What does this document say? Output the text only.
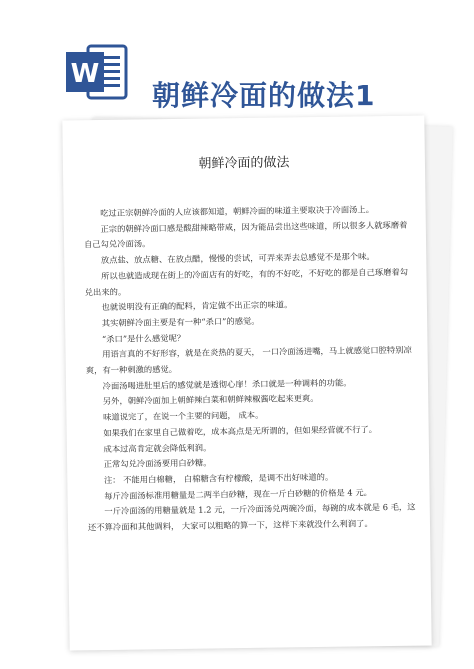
W
朝鲜冷面的做法1
朝鲜冷面的做法

吃过正宗朝鲜冷面的人应该都知道，朝鲜冷面的味道主要取决于冷面汤上。

正宗的朝鲜冷面口感是酸甜辣略带咸，因为能品尝出这些味道，所以很多人就琢磨着自己勾兑冷面汤。

放点盐、放点糖、在放点醋，慢慢的尝试，可弄来弄去总感觉不是那个味。

所以也就造成现在街上的冷面店有的好吃，有的不好吃，不好吃的都是自己琢磨着勾兑出来的。

也就说明没有正确的配料，肯定做不出正宗的味道。

其实朝鲜冷面主要是有一种“杀口”的感觉。

“杀口”是什么感觉呢？

用语言真的不好形容，就是在炎热的夏天， 一口冷面汤进嘴，马上就感觉口腔特别凉爽，有一种刺激的感觉。

冷面汤喝进肚里后的感觉就是透彻心扉！杀口就是一种调料的功能。

另外，朝鲜冷面加上朝鲜辣白菜和朝鲜辣椒酱吃起来更爽。

味道说完了，在说一个主要的问题， 成本。

如果我们在家里自己做着吃，成本高点是无所谓的，但如果经营就不行了。

成本过高肯定就会降低利润。

正常勾兑冷面汤要用白砂糖。

注： 不能用白棉糖， 白棉糖含有柠檬酸，是调不出好味道的。

每斤冷面汤标准用糖量是二两半白砂糖，现在一斤白砂糖的价格是 4 元。

一斤冷面汤的用糖量就是 1.2 元，一斤冷面汤兑两碗冷面，每碗的成本就是 6 毛，这还不算冷面和其他调料， 大家可以粗略的算一下，这样下来就没什么利润了。
